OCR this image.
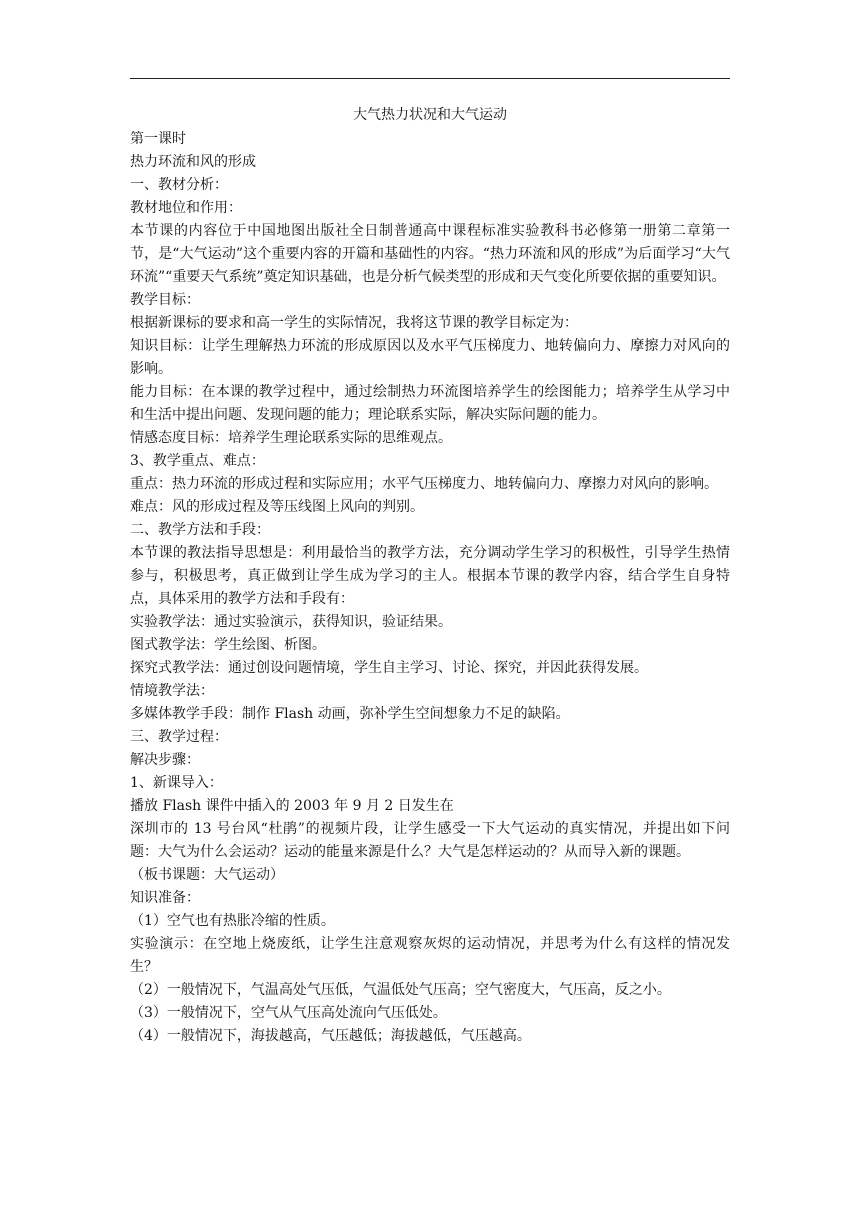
大气热力状况和大气运动
第一课时
热力环流和风的形成
一、教材分析：
教材地位和作用：
本节课的内容位于中国地图出版社全日制普通高中课程标准实验教科书必修第一册第二章第一节，是“大气运动”这个重要内容的开篇和基础性的内容。“热力环流和风的形成”为后面学习“大气环流”“重要天气系统”奠定知识基础，也是分析气候类型的形成和天气变化所要依据的重要知识。
教学目标：
根据新课标的要求和高一学生的实际情况，我将这节课的教学目标定为：
知识目标：让学生理解热力环流的形成原因以及水平气压梯度力、地转偏向力、摩擦力对风向的影响。
能力目标：在本课的教学过程中，通过绘制热力环流图培养学生的绘图能力；培养学生从学习中和生活中提出问题、发现问题的能力；理论联系实际，解决实际问题的能力。
情感态度目标：培养学生理论联系实际的思维观点。
3、教学重点、难点：
重点：热力环流的形成过程和实际应用；水平气压梯度力、地转偏向力、摩擦力对风向的影响。
难点：风的形成过程及等压线图上风向的判别。
二、教学方法和手段：
本节课的教法指导思想是：利用最恰当的教学方法，充分调动学生学习的积极性，引导学生热情参与，积极思考，真正做到让学生成为学习的主人。根据本节课的教学内容，结合学生自身特点，具体采用的教学方法和手段有：
实验教学法：通过实验演示，获得知识，验证结果。
图式教学法：学生绘图、析图。
探究式教学法：通过创设问题情境，学生自主学习、讨论、探究，并因此获得发展。
情境教学法：
多媒体教学手段：制作 Flash 动画，弥补学生空间想象力不足的缺陷。
三、教学过程：
解决步骤：
1、新课导入：
播放 Flash 课件中插入的 2003 年 9 月 2 日发生在
深圳市的 13 号台风“杜鹃”的视频片段，让学生感受一下大气运动的真实情况，并提出如下问题：大气为什么会运动？运动的能量来源是什么？大气是怎样运动的？从而导入新的课题。
（板书课题：大气运动）
知识准备：
（1）空气也有热胀冷缩的性质。
实验演示：在空地上烧废纸，让学生注意观察灰烬的运动情况，并思考为什么有这样的情况发生？
（2）一般情况下，气温高处气压低，气温低处气压高；空气密度大，气压高，反之小。
（3）一般情况下，空气从气压高处流向气压低处。
（4）一般情况下，海拔越高，气压越低；海拔越低，气压越高。
